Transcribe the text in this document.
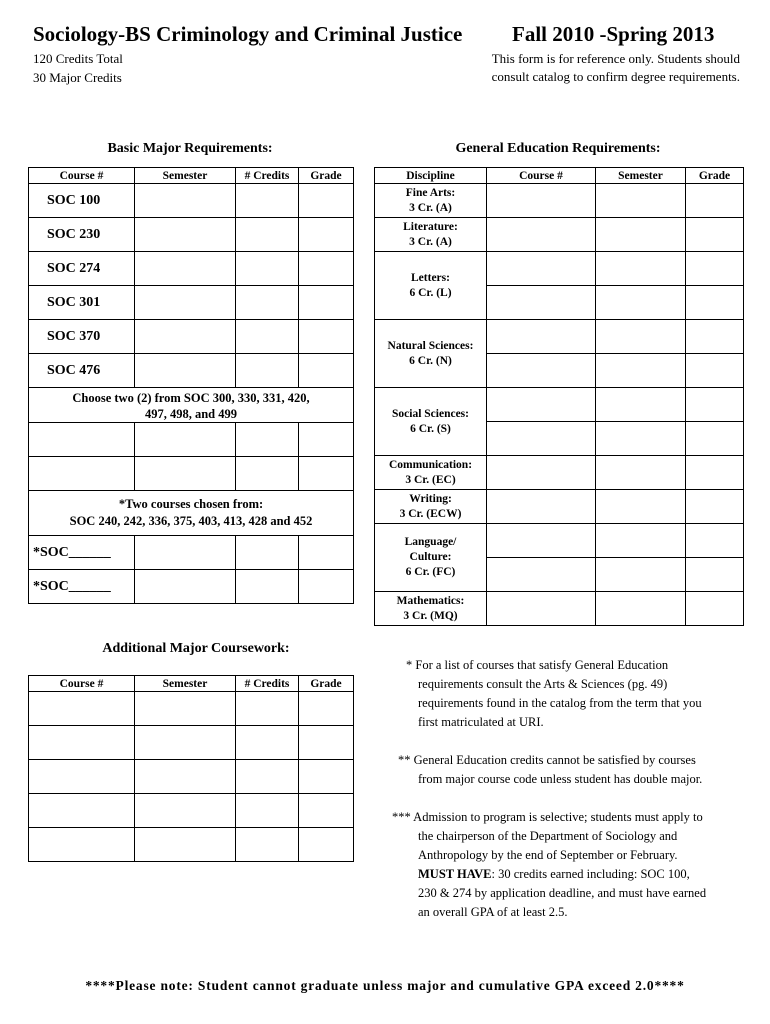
Sociology-BS Criminology and Criminal Justice Fall 2010 -Spring 2013
120 Credits Total
30 Major Credits
This form is for reference only. Students should
consult catalog to confirm degree requirements.
Basic Major Requirements:	General Education Requirements:
Course #	Semester	# Credits	Grade
SOC 100			
SOC 230			
SOC 274			
SOC 301			
SOC 370			
SOC 476			

Choose two (2) from SOC 300, 330, 331, 420,
497, 498, and 499			

*Two courses chosen from:
SOC 240, 242, 336, 375, 403, 413, 428 and 452			

*SOC______			
*SOC______			
Additional Major Coursework:
Course #	Semester	# Credits	Grade

Discipline	Course #	Semester	Grade

Fine Arts:
3 Cr. (A)			

Literature:
3 Cr. (A)			

Letters:
6 Cr. (L)			

Natural Sciences:
6 Cr. (N)			

Social Sciences:
6 Cr. (S)			

Communication:
3 Cr. (EC)			

Writing:
3 Cr. (ECW)			

Language/
Culture:
6 Cr. (FC)			

Mathematics:
3 Cr. (MQ)			

* For a list of courses that satisfy General Education

requirements consult the Arts & Sciences (pg. 49)

requirements found in the catalog from the term that you

first matriculated at URI.

** General Education credits cannot be satisfied by courses

from major course code unless student has double major.

*** Admission to program is selective; students must apply to

the chairperson of the Department of Sociology and

Anthropology by the end of September or February.

MUST HAVE: 30 credits earned including: SOC 100,

230 & 274 by application deadline, and must have earned

an overall GPA of at least 2.5.

****Please note: Student cannot graduate unless major and cumulative GPA exceed 2.0****
